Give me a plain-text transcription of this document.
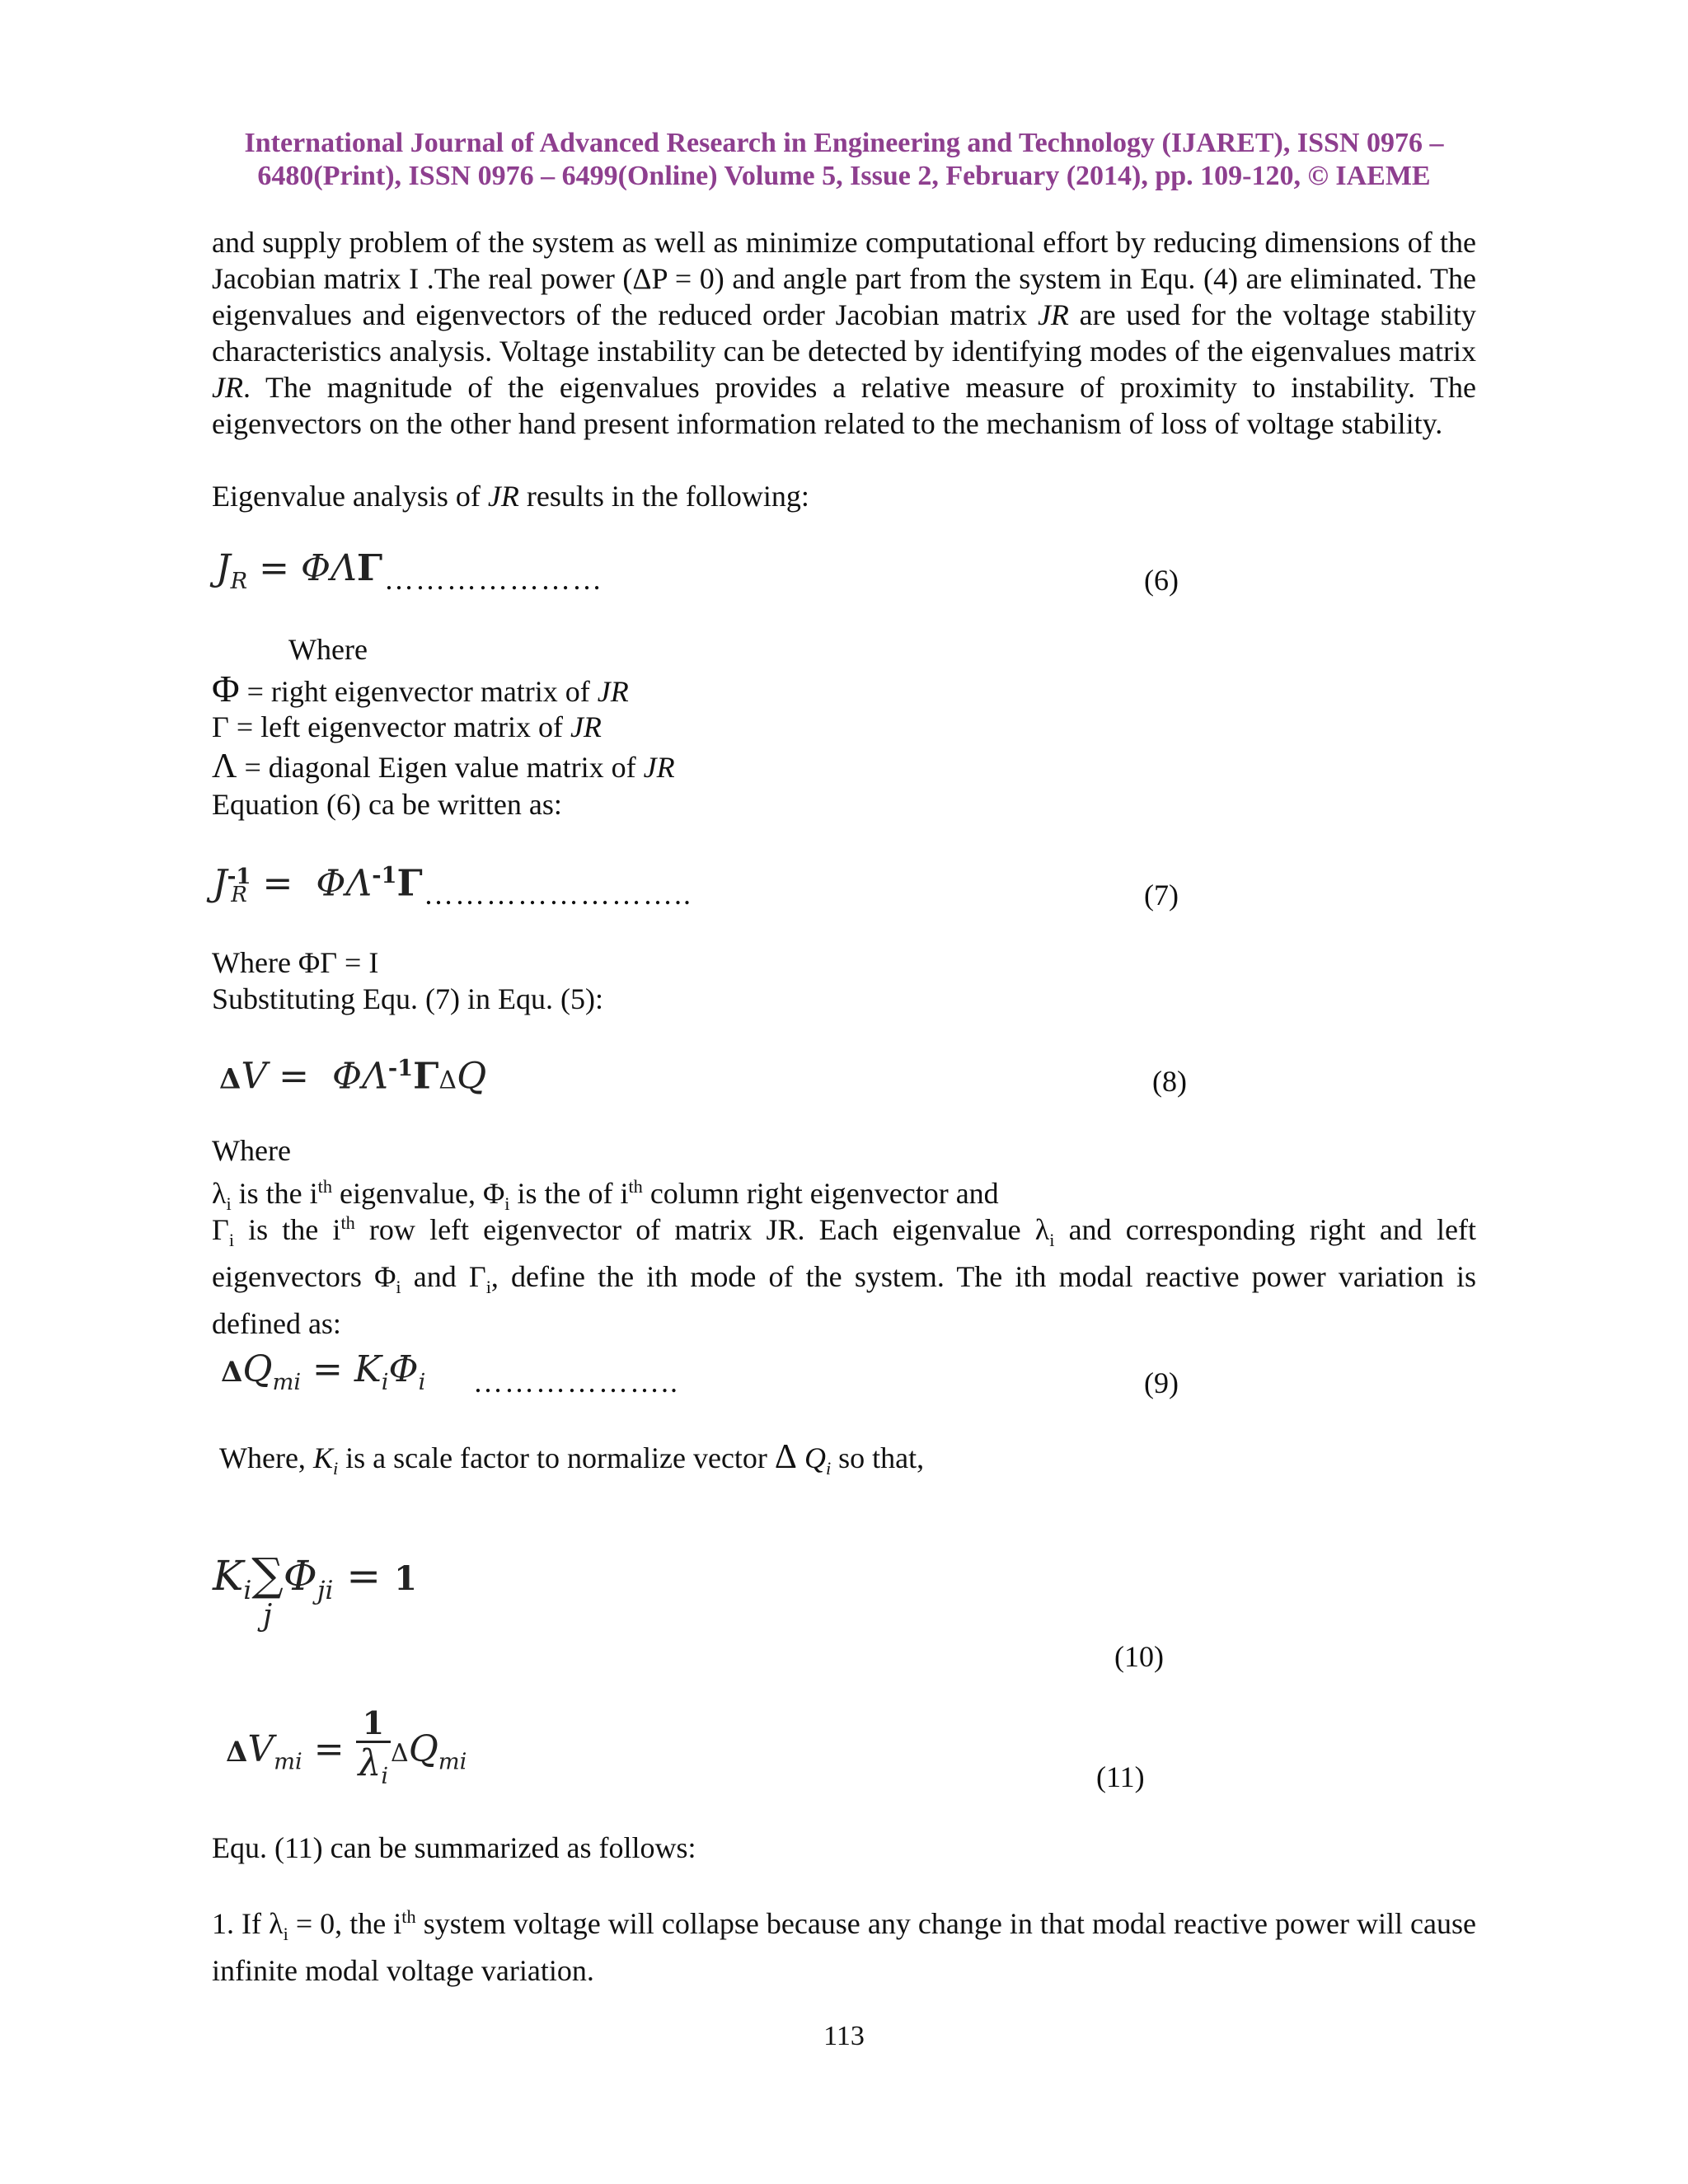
International Journal of Advanced Research in Engineering and Technology (IJARET), ISSN 0976 –
6480(Print), ISSN 0976 – 6499(Online) Volume 5, Issue 2, February (2014), pp. 109-120, © IAEME
and supply problem of the system as well as minimize computational effort by reducing dimensions of the Jacobian matrix I .The real power (ΔP = 0) and angle part from the system in Equ. (4) are eliminated. The eigenvalues and eigenvectors of the reduced order Jacobian matrix JR are used for the voltage stability characteristics analysis. Voltage instability can be detected by identifying modes of the eigenvalues matrix JR. The magnitude of the eigenvalues provides a relative measure of proximity to instability. The eigenvectors on the other hand present information related to the mechanism of loss of voltage stability.
Eigenvalue analysis of JR results in the following:
$J_R = \Phi\Lambda\Gamma$ …………………	(6)
Where
Φ = right eigenvector matrix of JR
Γ = left eigenvector matrix of JR
Λ = diagonal Eigen value matrix of JR
Equation (6) ca be written as:
J -1
$R = \Phi\Lambda^{-1}\Gamma$ ……………………..	(7)
Where ΦΓ = I
Substituting Equ. (7) in Equ. (5):
$\Delta V = \Phi\Lambda^{-1}\Gamma\Delta Q$	(8)
Where
$\lambda_i$ is the $i^{th}$ eigenvalue, $\Phi_i$ is the of $i^{th}$ column right eigenvector and
$\Gamma_i$ is the $i^{th}$ row left eigenvector of matrix JR. Each eigenvalue $\lambda_i$ and corresponding right and left eigenvectors $\Phi_i$ and $\Gamma_i$, define the ith mode of the system. The ith modal reactive power variation is defined as:
$\Delta Q_{mi} = K_i\Phi_i$ ………………..	(9)
Where, $K_i$ is a scale factor to normalize vector Δ $Q_i$ so that,
$K_i$ ∑
j
$\Phi_{ji} = 1$
(10)
$\Delta V_{mi} = \frac{1}{\lambda_i} \Delta Q_{mi}$	(11)
Equ. (11) can be summarized as follows:
1. If $\lambda_i = 0$, the $i^{th}$ system voltage will collapse because any change in that modal reactive power will cause infinite modal voltage variation.
113
